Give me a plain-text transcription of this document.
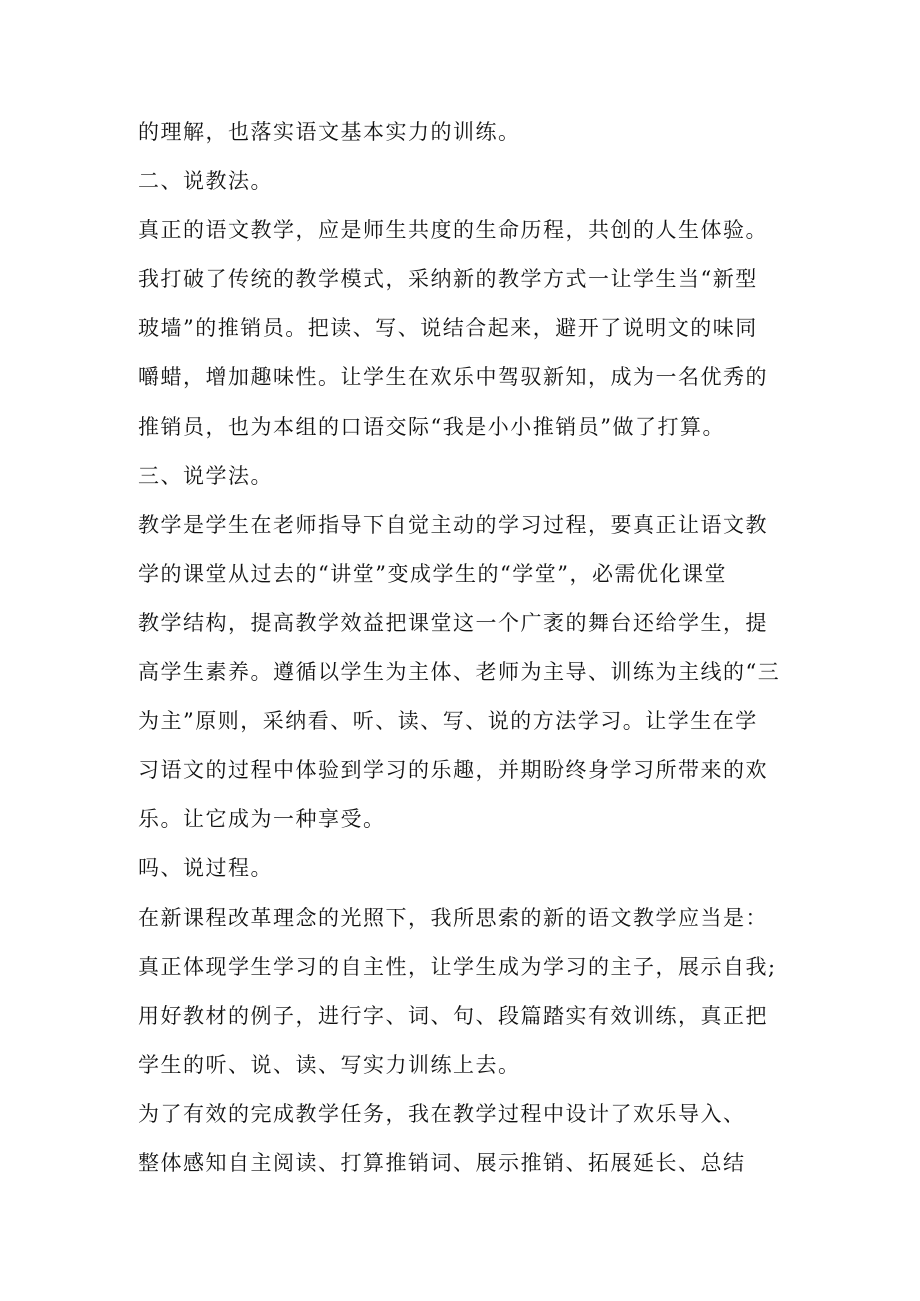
的理解，也落实语文基本实力的训练。
二、说教法。
真正的语文教学，应是师生共度的生命历程，共创的人生体验。
我打破了传统的教学模式，采纳新的教学方式一让学生当“新型
玻墙”的推销员。把读、写、说结合起来，避开了说明文的味同
嚼蜡，增加趣味性。让学生在欢乐中驾驭新知，成为一名优秀的
推销员，也为本组的口语交际“我是小小推销员”做了打算。
三、说学法。
教学是学生在老师指导下自觉主动的学习过程，要真正让语文教
学的课堂从过去的“讲堂”变成学生的“学堂”，必需优化课堂
教学结构，提高教学效益把课堂这一个广袤的舞台还给学生，提
高学生素养。遵循以学生为主体、老师为主导、训练为主线的“三
为主”原则，采纳看、听、读、写、说的方法学习。让学生在学
习语文的过程中体验到学习的乐趣，并期盼终身学习所带来的欢
乐。让它成为一种享受。
吗、说过程。
在新课程改革理念的光照下，我所思索的新的语文教学应当是：
真正体现学生学习的自主性，让学生成为学习的主子，展示自我;
用好教材的例子，进行字、词、句、段篇踏实有效训练，真正把
学生的听、说、读、写实力训练上去。
为了有效的完成教学任务，我在教学过程中设计了欢乐导入、
整体感知自主阅读、打算推销词、展示推销、拓展延长、总结
